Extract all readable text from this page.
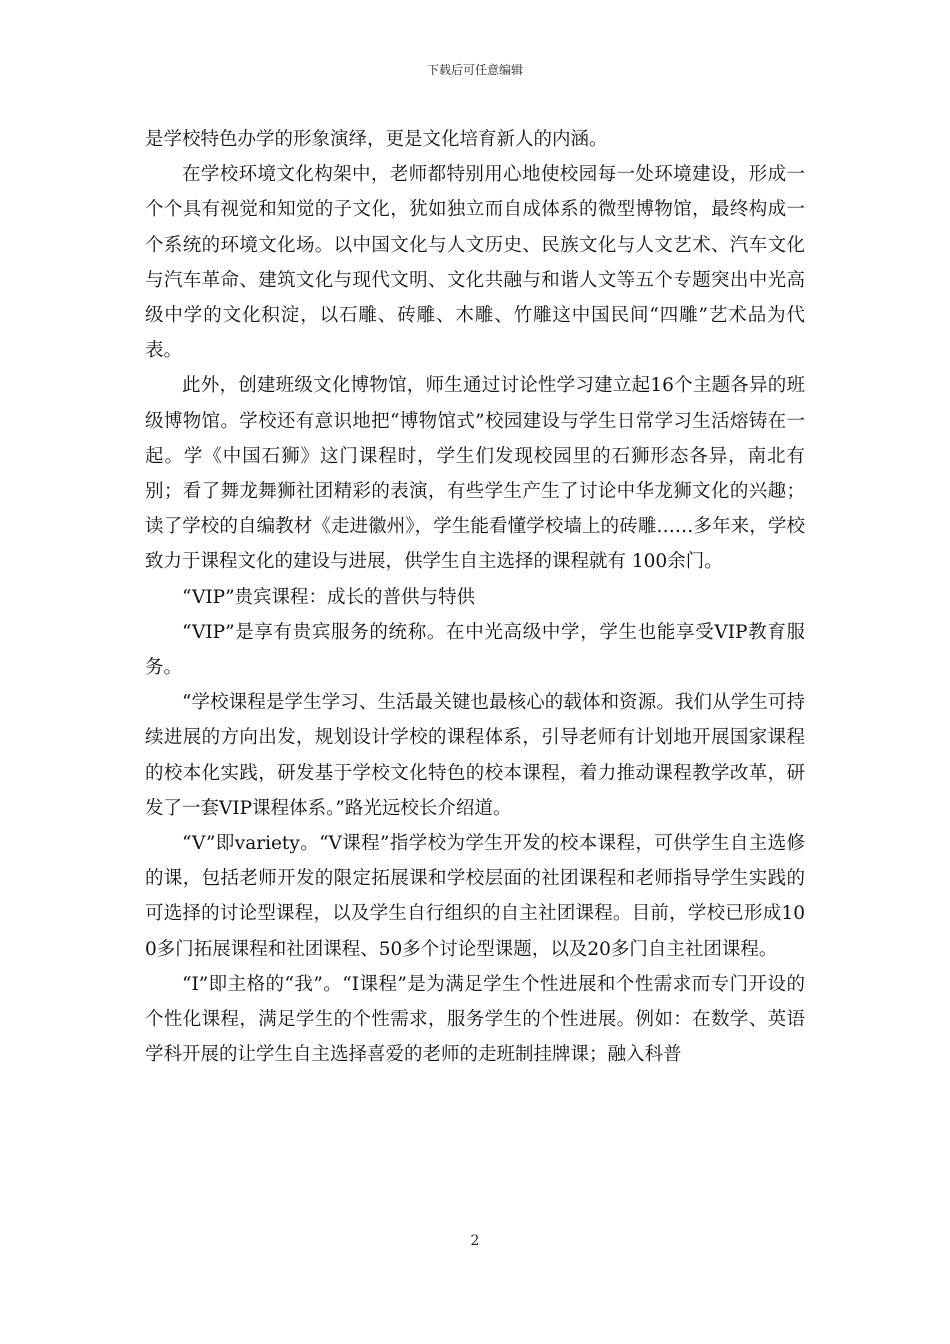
下载后可任意编辑

是学校特色办学的形象演绎，更是文化培育新人的内涵。

在学校环境文化构架中，老师都特别用心地使校园每一处环境建设，形成一个个具有视觉和知觉的子文化，犹如独立而自成体系的微型博物馆，最终构成一个系统的环境文化场。以中国文化与人文历史、民族文化与人文艺术、汽车文化与汽车革命、建筑文化与现代文明、文化共融与和谐人文等五个专题突出中光高级中学的文化积淀，以石雕、砖雕、木雕、竹雕这中国民间“四雕”艺术品为代表。

此外，创建班级文化博物馆，师生通过讨论性学习建立起16个主题各异的班级博物馆。学校还有意识地把“博物馆式”校园建设与学生日常学习生活熔铸在一起。学《中国石狮》这门课程时，学生们发现校园里的石狮形态各异，南北有别；看了舞龙舞狮社团精彩的表演，有些学生产生了讨论中华龙狮文化的兴趣；读了学校的自编教材《走进徽州》，学生能看懂学校墙上的砖雕……多年来，学校致力于课程文化的建设与进展，供学生自主选择的课程就有 100余门。

“VIP”贵宾课程：成长的普供与特供

“VIP”是享有贵宾服务的统称。在中光高级中学，学生也能享受VIP教育服务。

“学校课程是学生学习、生活最关键也最核心的载体和资源。我们从学生可持续进展的方向出发，规划设计学校的课程体系，引导老师有计划地开展国家课程的校本化实践，研发基于学校文化特色的校本课程，着力推动课程教学改革，研发了一套VIP课程体系。”路光远校长介绍道。

“V”即variety。“V课程”指学校为学生开发的校本课程，可供学生自主选修的课，包括老师开发的限定拓展课和学校层面的社团课程和老师指导学生实践的可选择的讨论型课程，以及学生自行组织的自主社团课程。目前，学校已形成100多门拓展课程和社团课程、50多个讨论型课题，以及20多门自主社团课程。

“I”即主格的“我”。“I课程”是为满足学生个性进展和个性需求而专门开设的个性化课程，满足学生的个性需求，服务学生的个性进展。例如：在数学、英语学科开展的让学生自主选择喜爱的老师的走班制挂牌课；融入科普

2
